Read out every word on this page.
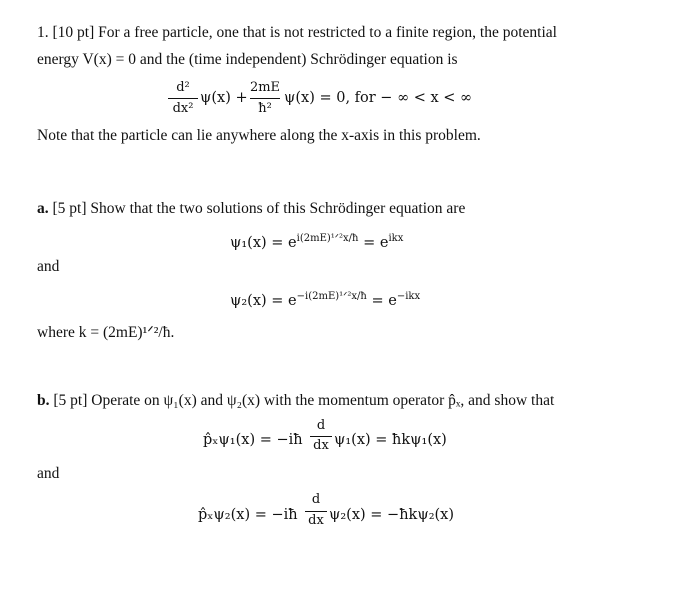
1. [10 pt] For a free particle, one that is not restricted to a finite region, the potential
energy V(x) = 0 and the (time independent) Schrödinger equation is
d²
dx²
ψ(x) +
2mE
ħ²
ψ(x) = 0, for − ∞ < x < ∞
Note that the particle can lie anywhere along the x-axis in this problem.
a. [5 pt] Show that the two solutions of this Schrödinger equation are
$\psi_1(x) = e^{i(2mE)^1ᐟ^2x/ħ} = e^{ikx}$
and
$\psi_2(x) = e^{-i(2mE)^1ᐟ^2x/ħ} = e^{-ikx}$
where k = (2mE)¹ᐟ²/ħ.
b. [5 pt] Operate on ψ₁(x) and ψ₂(x) with the momentum operator p̂ₓ, and show that
p̂ₓψ₁(x) = −iħ
d
dx ψ₁(x) = ħkψ₁(x)
and
p̂ₓψ₂(x) = −iħ
d
dx ψ₂(x) = −ħkψ₂(x)
